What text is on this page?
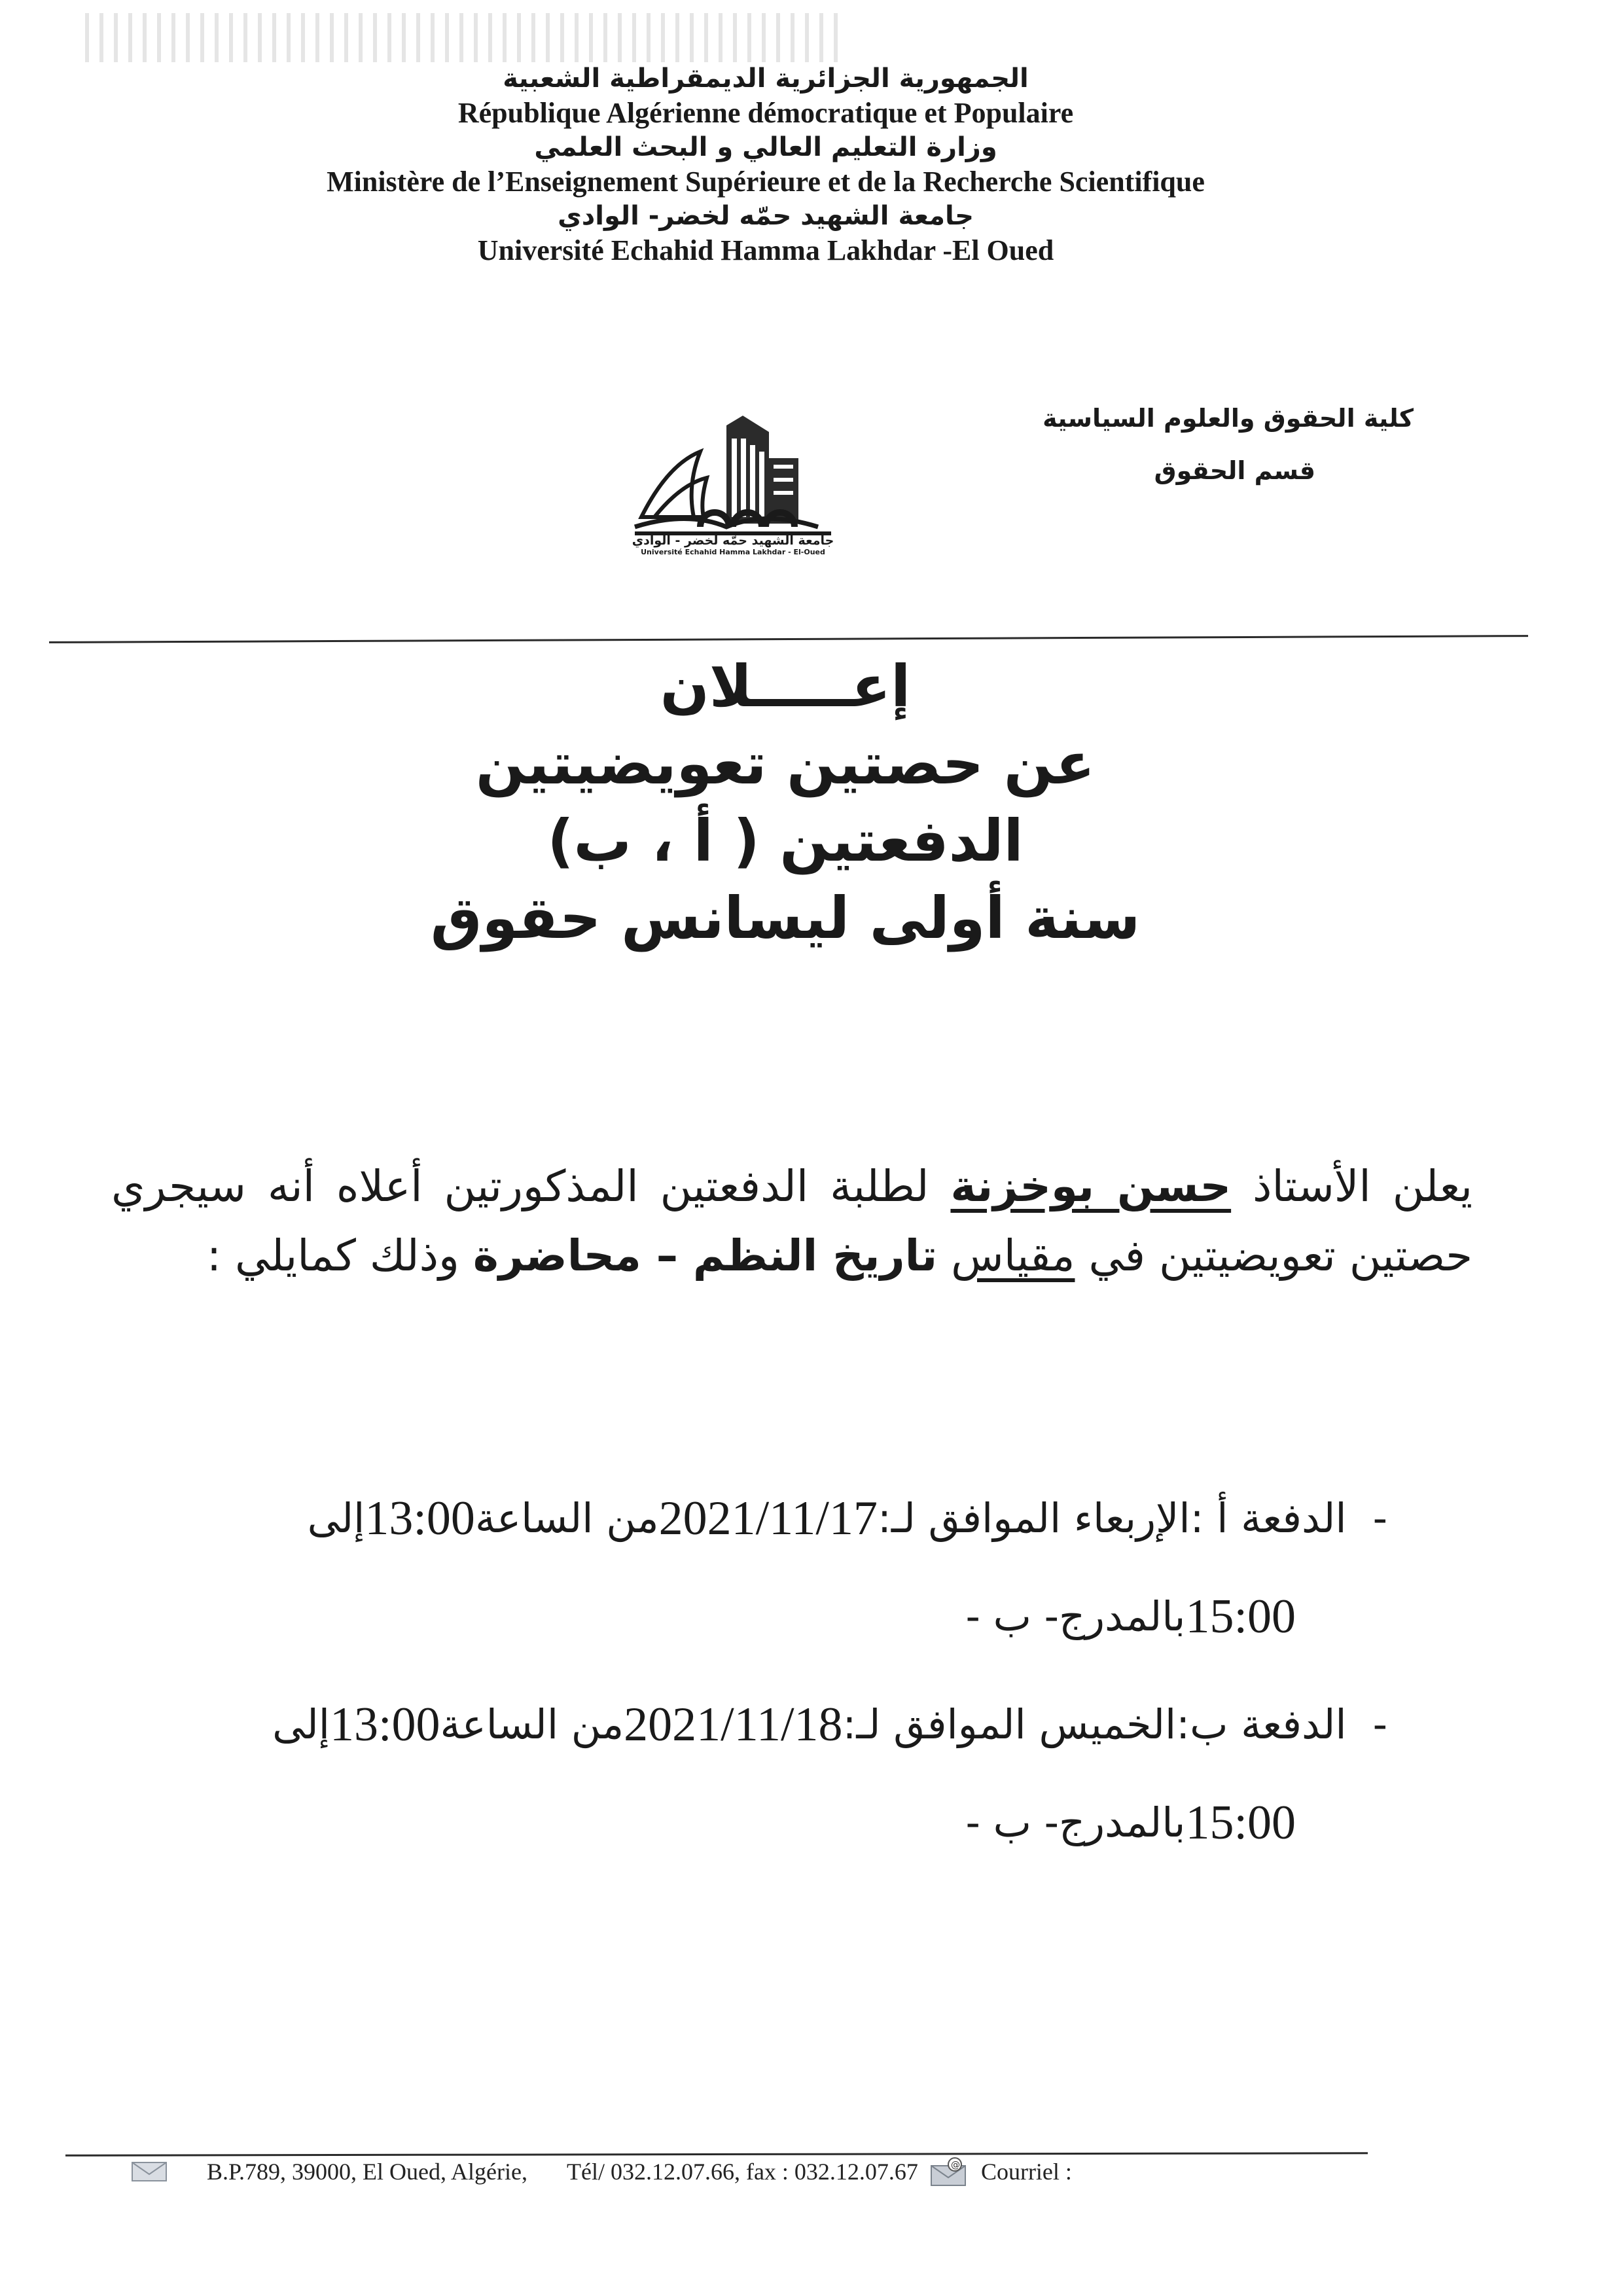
الجمهورية الجزائرية الديمقراطية الشعبية
République Algérienne démocratique et Populaire
وزارة التعليم العالي و البحث العلمي
Ministère de l’Enseignement Supérieure et de la Recherche Scientifique
جامعة الشهيد حمّه لخضر- الوادي
Université Echahid Hamma Lakhdar -El Oued
كلية الحقوق والعلوم السياسية
قسم الحقوق
جامعة الشهيد حمّه لخضر - الوادي
Université Echahid Hamma Lakhdar - El-Oued
إعـــــلان
عن حصتين تعويضيتين
الدفعتين ( أ ، ب)
سنة أولى ليسانس حقوق

يعلن الأستاذ حسن بوخزنة لطلبة الدفعتين المذكورتين أعلاه أنه سيجري حصتين تعويضيتين في مقياس تاريخ النظم – محاضرة وذلك كمايلي :

-
الدفعة أ :
الإربعاء الموافق لـ:
2021/11/17
من الساعة
13:00
إلى
15:00
بالمدرج- ب -
-
الدفعة ب:
الخميس الموافق لـ:
2021/11/18
من الساعة
13:00
إلى
15:00
بالمدرج- ب -
B.P.789, 39000, El Oued, Algérie, Tél/ 032.12.07.66, fax : 032.12.07.67	@ Courriel :
